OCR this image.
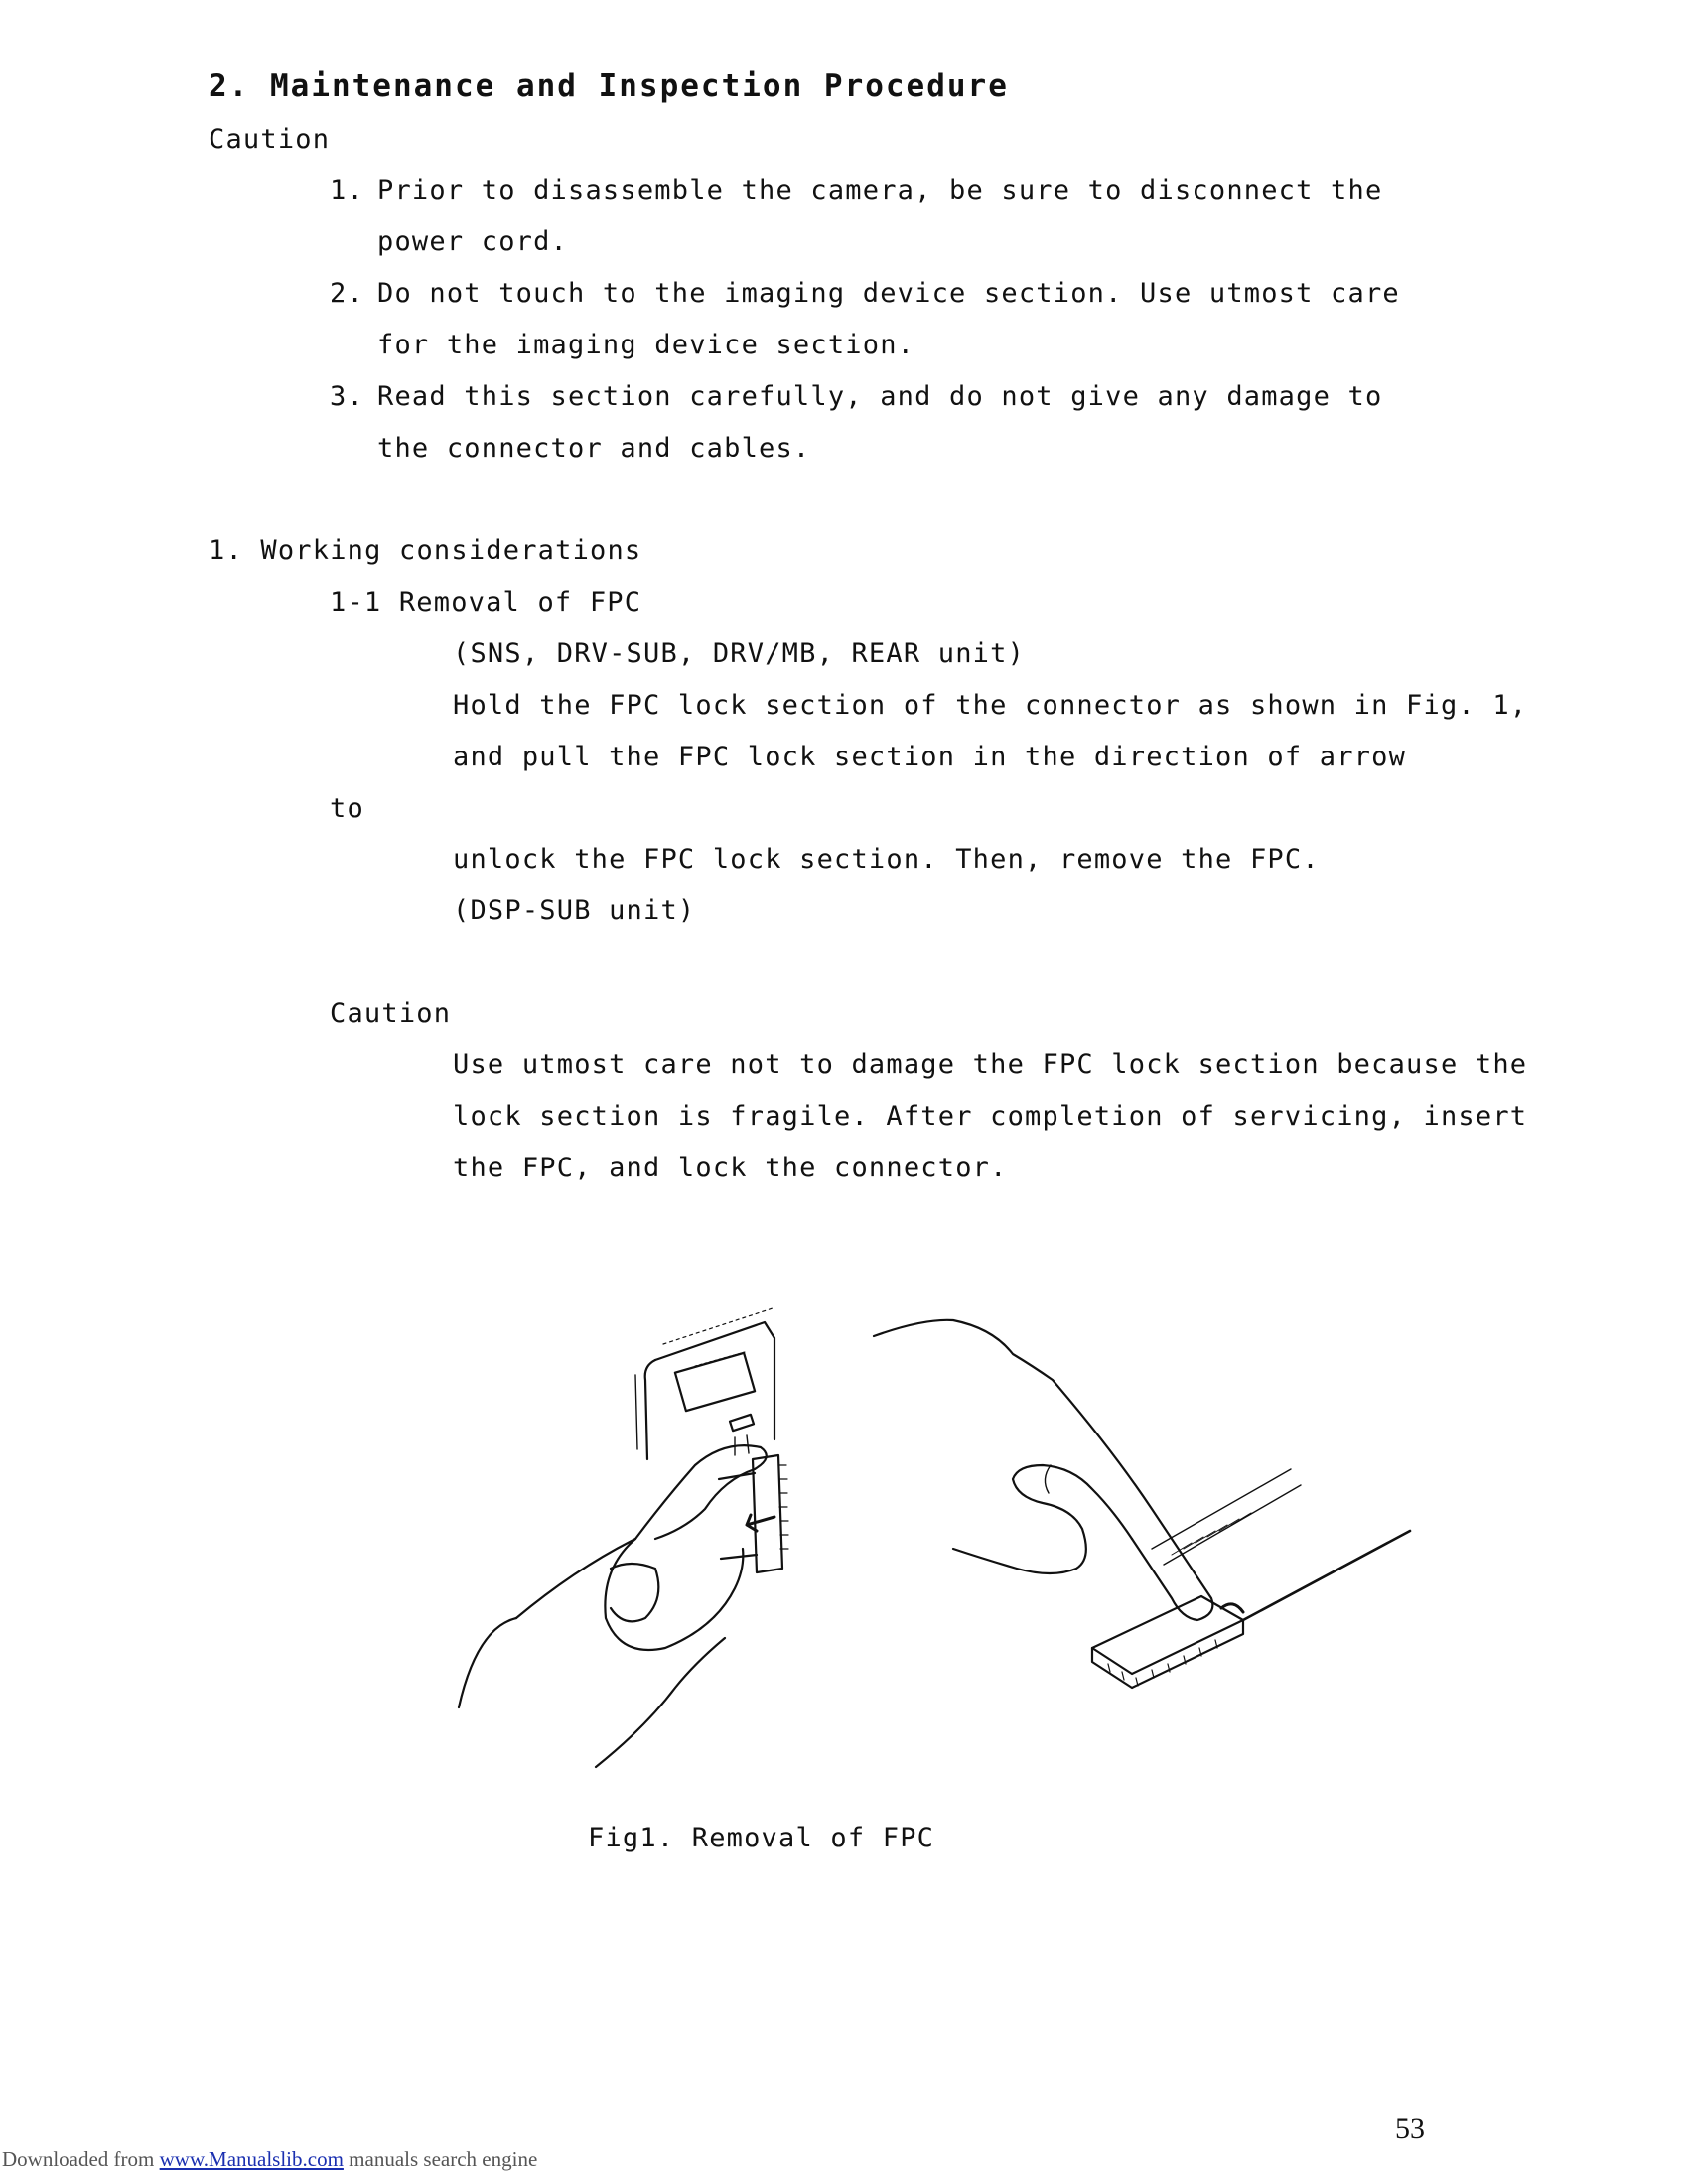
2. Maintenance and Inspection Procedure
Caution
1. Prior to disassemble the camera, be sure to disconnect the
power cord.
2. Do not touch to the imaging device section. Use utmost care
for the imaging device section.
3. Read this section carefully, and do not give any damage to
the connector and cables.
1. Working considerations
1-1 Removal of FPC
(SNS, DRV-SUB, DRV/MB, REAR unit)
Hold the FPC lock section of the connector as shown in Fig. 1,
and pull the FPC lock section in the direction of arrow
to
unlock the FPC lock section. Then, remove the FPC.
(DSP-SUB unit)
Caution
Use utmost care not to damage the FPC lock section because the
lock section is fragile. After completion of servicing, insert
the FPC, and lock the connector.
Fig1. Removal of FPC
53
Downloaded from www.Manualslib.com manuals search engine
